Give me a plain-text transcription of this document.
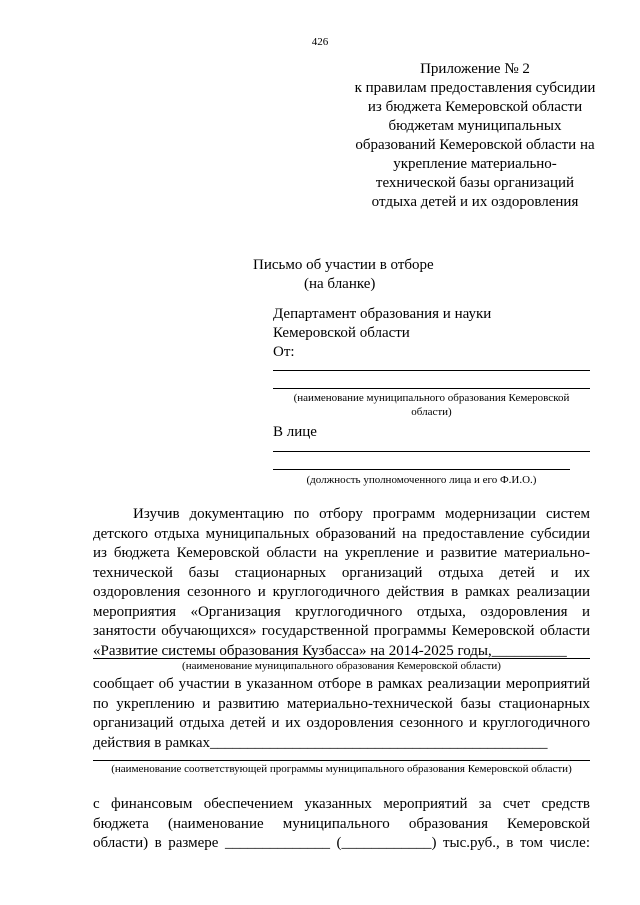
426
Приложение № 2
к правилам предоставления субсидии
из бюджета Кемеровской области
бюджетам муниципальных
образований Кемеровской области на
укрепление материально-
технической базы организаций
отдыха детей и их оздоровления
Письмо об участии в отборе
(на бланке)
Департамент образования и науки
Кемеровской области
От:
(наименование муниципального образования Кемеровской области)
В лице
(должность уполномоченного лица и его Ф.И.О.)
Изучив документацию по отбору программ модернизации систем
детского отдыха муниципальных образований на предоставление субсидии
из бюджета Кемеровской области на укрепление и развитие материально-
технической базы стационарных организаций отдыха детей и их
оздоровления сезонного и круглогодичного действия в рамках реализации
мероприятия «Организация круглогодичного отдыха, оздоровления и
занятости обучающихся» государственной программы Кемеровской области
«Развитие системы образования Кузбасса» на 2014-2025 годы,__________
(наименование муниципального образования Кемеровской области)
сообщает об участии в указанном отборе в рамках реализации мероприятий
по укреплению и развитию материально-технической базы стационарных
организаций отдыха детей и их оздоровления сезонного и круглогодичного
действия в рамках_____________________________________________
(наименование соответствующей программы муниципального образования Кемеровской области)
с финансовым обеспечением указанных мероприятий за счет средств
бюджета (наименование муниципального образования Кемеровской
области) в размере ______________ (____________) тыс.руб., в том числе:
